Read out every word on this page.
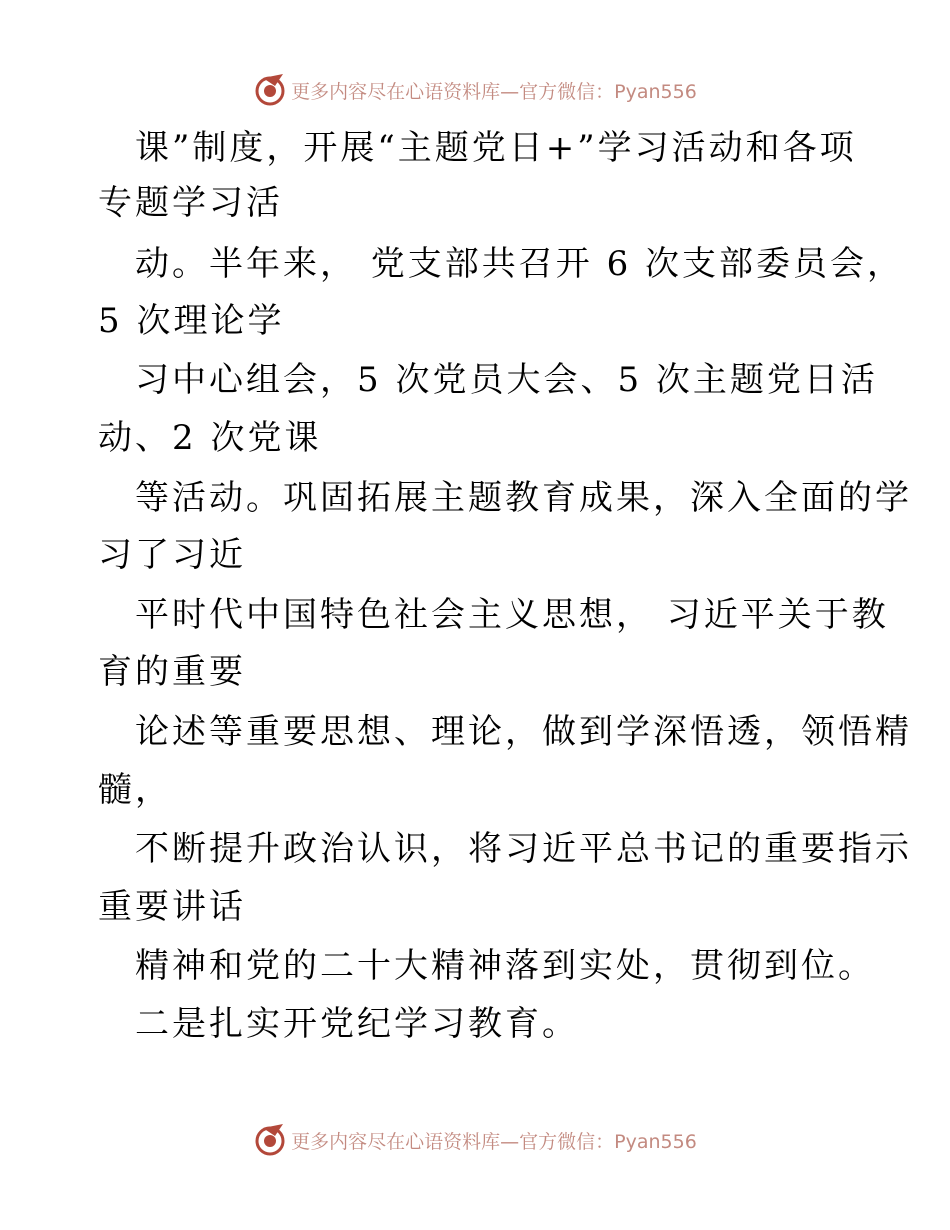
更多内容尽在心语资料库—官方微信：Pyan556
课”制度，开展“主题党日+”学习活动和各项
专题学习活
动。半年来， 党支部共召开 6 次支部委员会，
5 次理论学
习中心组会，5 次党员大会、5 次主题党日活
动、2 次党课
等活动。巩固拓展主题教育成果，深入全面的学
习了习近
平时代中国特色社会主义思想， 习近平关于教
育的重要
论述等重要思想、理论，做到学深悟透，领悟精
髓，
不断提升政治认识，将习近平总书记的重要指示
重要讲话
精神和党的二十大精神落到实处，贯彻到位。
二是扎实开党纪学习教育。
更多内容尽在心语资料库—官方微信：Pyan556
